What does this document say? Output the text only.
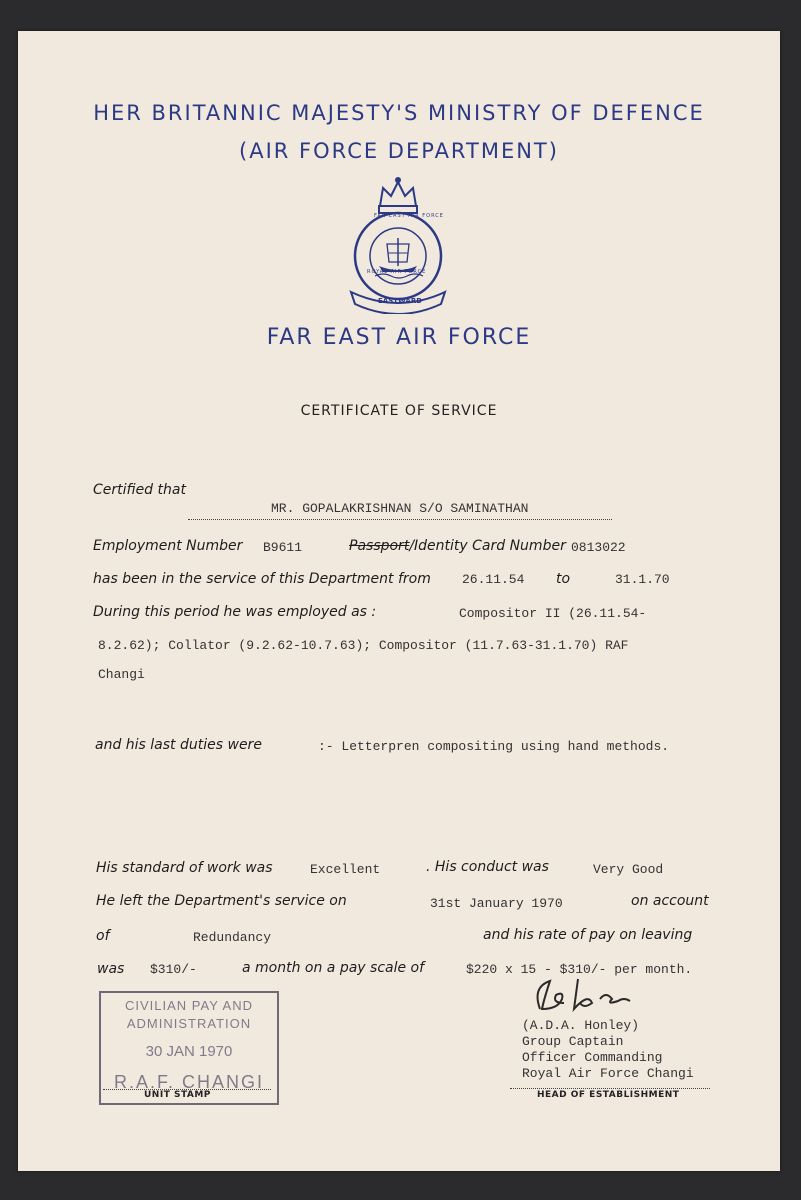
HER BRITANNIC MAJESTY'S MINISTRY OF DEFENCE
(AIR FORCE DEPARTMENT)
ROYAL AIR FORCE
FAR EAST AIR FORCE
EASTWARD
FAR EAST AIR FORCE
CERTIFICATE OF SERVICE
Certified that
MR. GOPALAKRISHNAN S/O SAMINATHAN
Employment Number B9611	Passport/Identity Card Number 0813022
has been in the service of this Department from 26.11.54 to	31.1.70
During this period he was employed as :	Compositor II (26.11.54-
8.2.62); Collator (9.2.62-10.7.63); Compositor (11.7.63-31.1.70) RAF
Changi
and his last duties were	:- Letterpren compositing using hand methods.
His standard of work was	Excellent	. His conduct was	Very Good
He left the Department's service on	31st January 1970	on account
of	Redundancy	and his rate of pay on leaving
was $310/-	a month on a pay scale of	$220 x 15 - $310/- per month.
CIVILIAN PAY AND
ADMINISTRATION
30 JAN 1970
R.A.F. CHANGI
UNIT STAMP
(A.D.A. Honley)
Group Captain
Officer Commanding
Royal Air Force Changi
HEAD OF ESTABLISHMENT
